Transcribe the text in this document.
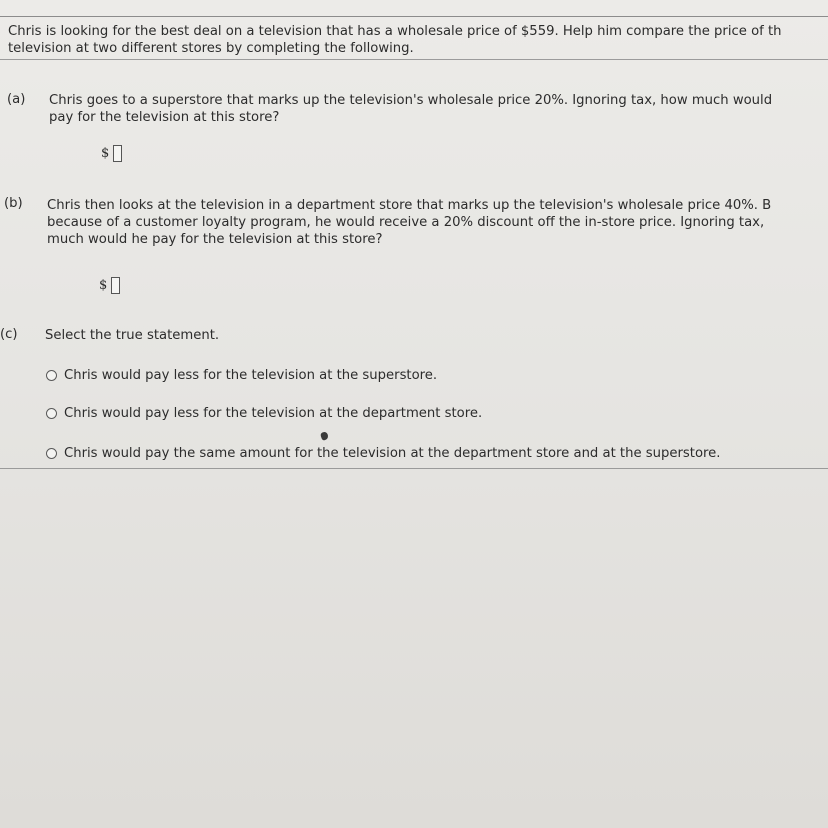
Chris is looking for the best deal on a television that has a wholesale price of $559. Help him compare the price of th
television at two different stores by completing the following.
(a) Chris goes to a superstore that marks up the television's wholesale price 20%. Ignoring tax, how much would
pay for the television at this store?
$
(b) Chris then looks at the television in a department store that marks up the television's wholesale price 40%. B
because of a customer loyalty program, he would receive a 20% discount off the in-store price. Ignoring tax,
much would he pay for the television at this store?
$
(c) Select the true statement.
Chris would pay less for the television at the superstore.
Chris would pay less for the television at the department store.
Chris would pay the same amount for the television at the department store and at the superstore.
